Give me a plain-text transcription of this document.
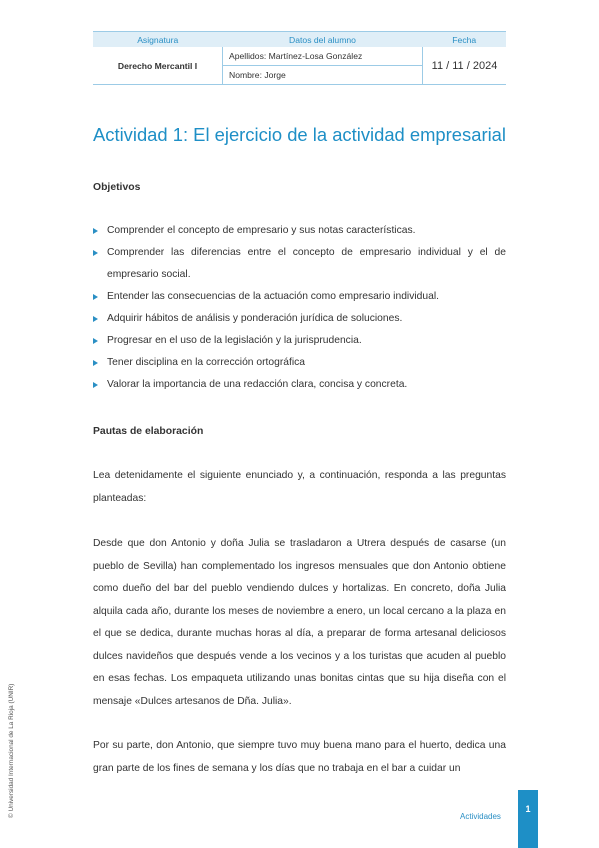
Asignatura	Datos del alumno	Fecha
Derecho Mercantil I	Apellidos: Martínez-Losa González	11 / 11 / 2024
	Nombre: Jorge	
Actividad 1: El ejercicio de la actividad empresarial
Objetivos
Comprender el concepto de empresario y sus notas características.
Comprender las diferencias entre el concepto de empresario individual y el de empresario social.
Entender las consecuencias de la actuación como empresario individual.
Adquirir hábitos de análisis y ponderación jurídica de soluciones.
Progresar en el uso de la legislación y la jurisprudencia.
Tener disciplina en la corrección ortográfica
Valorar la importancia de una redacción clara, concisa y concreta.
Pautas de elaboración

Lea detenidamente el siguiente enunciado y, a continuación, responda a las preguntas planteadas:

Desde que don Antonio y doña Julia se trasladaron a Utrera después de casarse (un pueblo de Sevilla) han complementado los ingresos mensuales que don Antonio obtiene como dueño del bar del pueblo vendiendo dulces y hortalizas. En concreto, doña Julia alquila cada año, durante los meses de noviembre a enero, un local cercano a la plaza en el que se dedica, durante muchas horas al día, a preparar de forma artesanal deliciosos dulces navideños que después vende a los vecinos y a los turistas que acuden al pueblo en esas fechas. Los empaqueta utilizando unas bonitas cintas que su hija diseña con el mensaje «Dulces artesanos de Dña. Julia».

Por su parte, don Antonio, que siempre tuvo muy buena mano para el huerto, dedica una gran parte de los fines de semana y los días que no trabaja en el bar a cuidar un

© Universidad Internacional de La Rioja (UNIR)	Actividades
1
